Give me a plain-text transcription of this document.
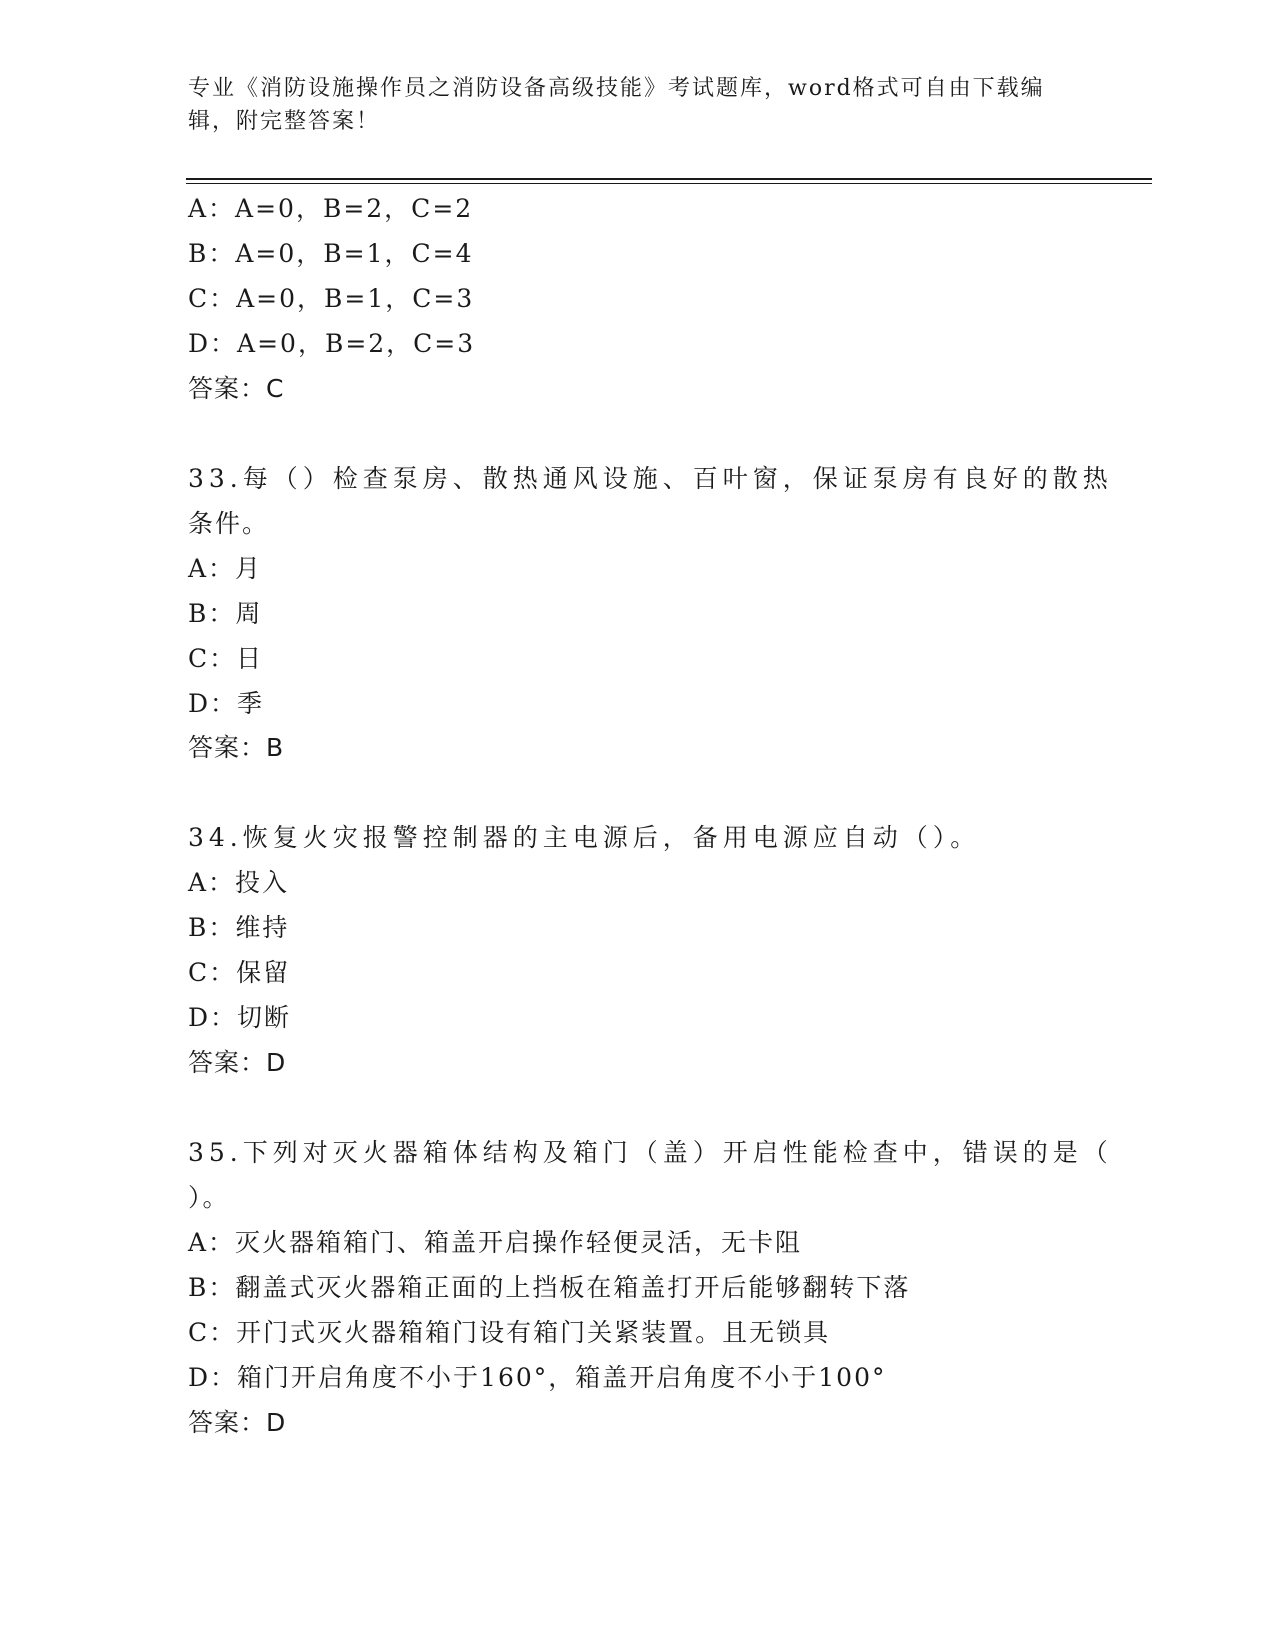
专业《消防设施操作员之消防设备高级技能》考试题库，word格式可自由下载编
辑，附完整答案！
A：A=0，B=2，C=2
B：A=0，B=1，C=4
C：A=0，B=1，C=3
D：A=0，B=2，C=3
答案：C
33.每（）检查泵房、散热通风设施、百叶窗，保证泵房有良好的散热
条件。
A：月
B：周
C：日
D：季
答案：B
34.恢复火灾报警控制器的主电源后，备用电源应自动（）。
A：投入
B：维持
C：保留
D：切断
答案：D
35.下列对灭火器箱体结构及箱门（盖）开启性能检查中，错误的是（
）。
A：灭火器箱箱门、箱盖开启操作轻便灵活，无卡阻
B：翻盖式灭火器箱正面的上挡板在箱盖打开后能够翻转下落
C：开门式灭火器箱箱门设有箱门关紧装置。且无锁具
D：箱门开启角度不小于160°，箱盖开启角度不小于100°
答案：D
